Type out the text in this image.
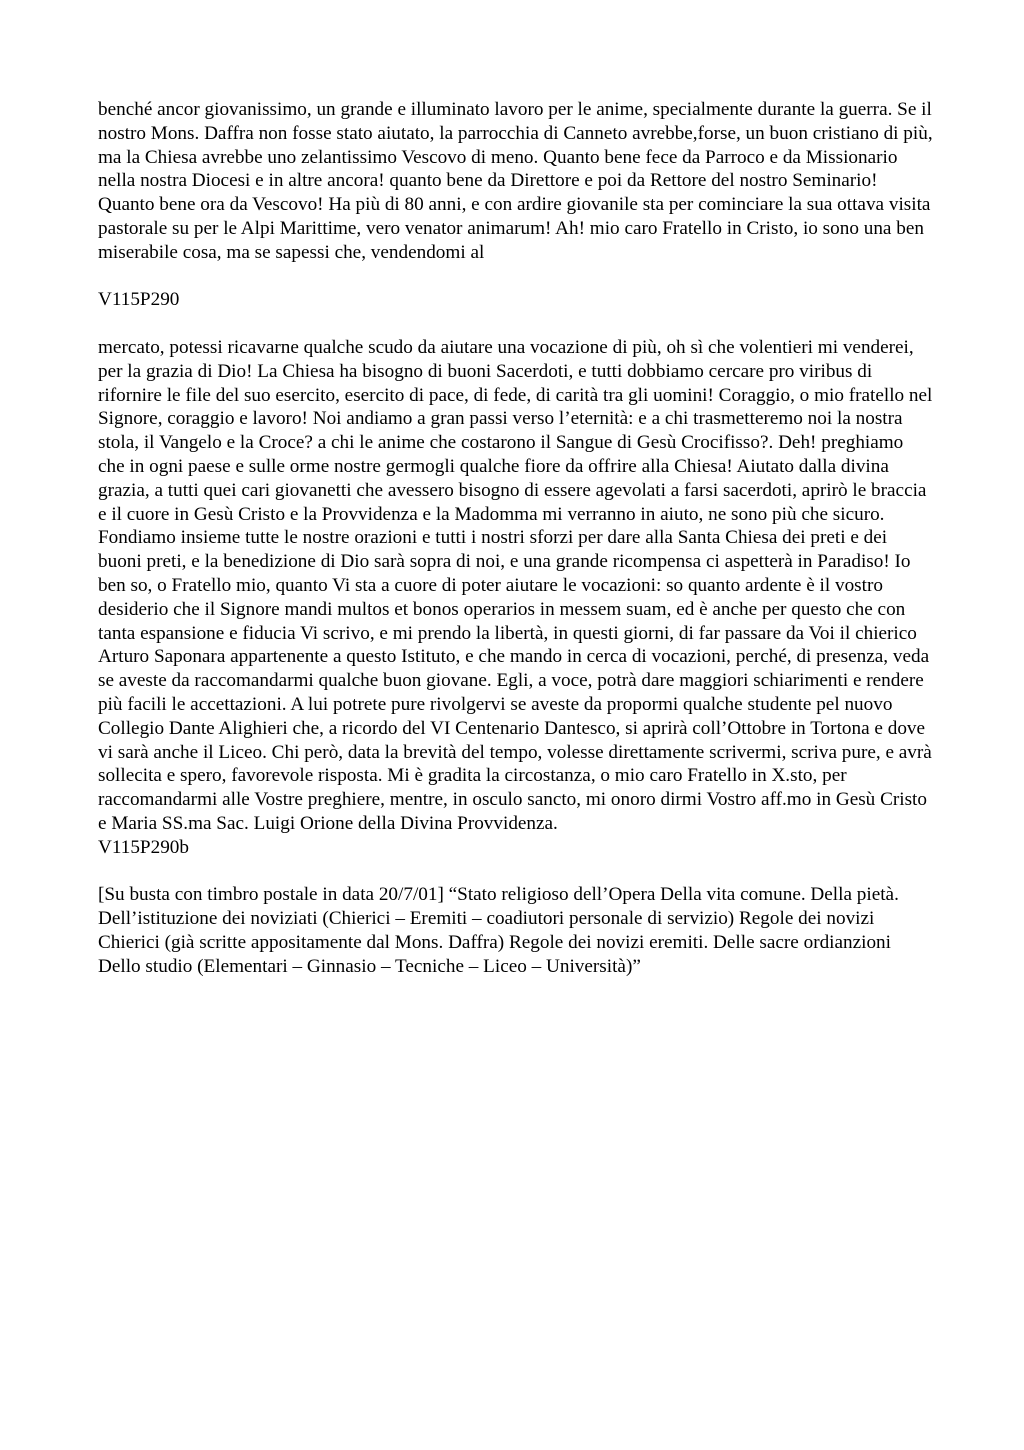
benché ancor giovanissimo, un grande e illuminato lavoro per le anime, specialmente durante la guerra. Se il nostro Mons. Daffra non fosse stato aiutato, la parrocchia di Canneto avrebbe,forse, un buon cristiano di più, ma la Chiesa avrebbe uno zelantissimo Vescovo di meno. Quanto bene fece da Parroco e da Missionario nella nostra Diocesi e in altre ancora! quanto bene da Direttore e poi da Rettore del nostro Seminario! Quanto bene ora da Vescovo! Ha più di 80 anni, e con ardire giovanile sta per cominciare la sua ottava visita pastorale su per le Alpi Marittime, vero venator animarum! Ah! mio caro Fratello in Cristo, io sono una ben miserabile cosa, ma se sapessi che, vendendomi al

V115P290

mercato, potessi ricavarne qualche scudo da aiutare una vocazione di più, oh sì che volentieri mi venderei, per la grazia di Dio! La Chiesa ha bisogno di buoni Sacerdoti, e tutti dobbiamo cercare pro viribus di rifornire le file del suo esercito, esercito di pace, di fede, di carità tra gli uomini! Coraggio, o mio fratello nel Signore, coraggio e lavoro! Noi andiamo a gran passi verso l’eternità: e a chi trasmetteremo noi la nostra stola, il Vangelo e la Croce? a chi le anime che costarono il Sangue di Gesù Crocifisso?. Deh! preghiamo che in ogni paese e sulle orme nostre germogli qualche fiore da offrire alla Chiesa! Aiutato dalla divina grazia, a tutti quei cari giovanetti che avessero bisogno di essere agevolati a farsi sacerdoti, aprirò le braccia e il cuore in Gesù Cristo e la Provvidenza e la Madomma mi verranno in aiuto, ne sono più che sicuro. Fondiamo insieme tutte le nostre orazioni e tutti i nostri sforzi per dare alla Santa Chiesa dei preti e dei buoni preti, e la benedizione di Dio sarà sopra di noi, e una grande ricompensa ci aspetterà in Paradiso! Io ben so, o Fratello mio, quanto Vi sta a cuore di poter aiutare le vocazioni: so quanto ardente è il vostro desiderio che il Signore mandi multos et bonos operarios in messem suam, ed è anche per questo che con tanta espansione e fiducia Vi scrivo, e mi prendo la libertà, in questi giorni, di far passare da Voi il chierico Arturo Saponara appartenente a questo Istituto, e che mando in cerca di vocazioni, perché, di presenza, veda se aveste da raccomandarmi qualche buon giovane. Egli, a voce, potrà dare maggiori schiarimenti e rendere più facili le accettazioni. A lui potrete pure rivolgervi se aveste da propormi qualche studente pel nuovo Collegio Dante Alighieri che, a ricordo del VI Centenario Dantesco, si aprirà coll’Ottobre in Tortona e dove vi sarà anche il Liceo. Chi però, data la brevità del tempo, volesse direttamente scrivermi, scriva pure, e avrà sollecita e spero, favorevole risposta. Mi è gradita la circostanza, o mio caro Fratello in X.sto, per raccomandarmi alle Vostre preghiere, mentre, in osculo sancto, mi onoro dirmi Vostro aff.mo in Gesù Cristo e Maria SS.ma Sac. Luigi Orione della Divina Provvidenza.

V115P290b

[Su busta con timbro postale in data 20/7/01] “Stato religioso dell’Opera Della vita comune. Della pietà. Dell’istituzione dei noviziati (Chierici – Eremiti – coadiutori personale di servizio) Regole dei novizi Chierici (già scritte appositamente dal Mons. Daffra) Regole dei novizi eremiti. Delle sacre ordianzioni Dello studio (Elementari – Ginnasio – Tecniche – Liceo – Università)”
